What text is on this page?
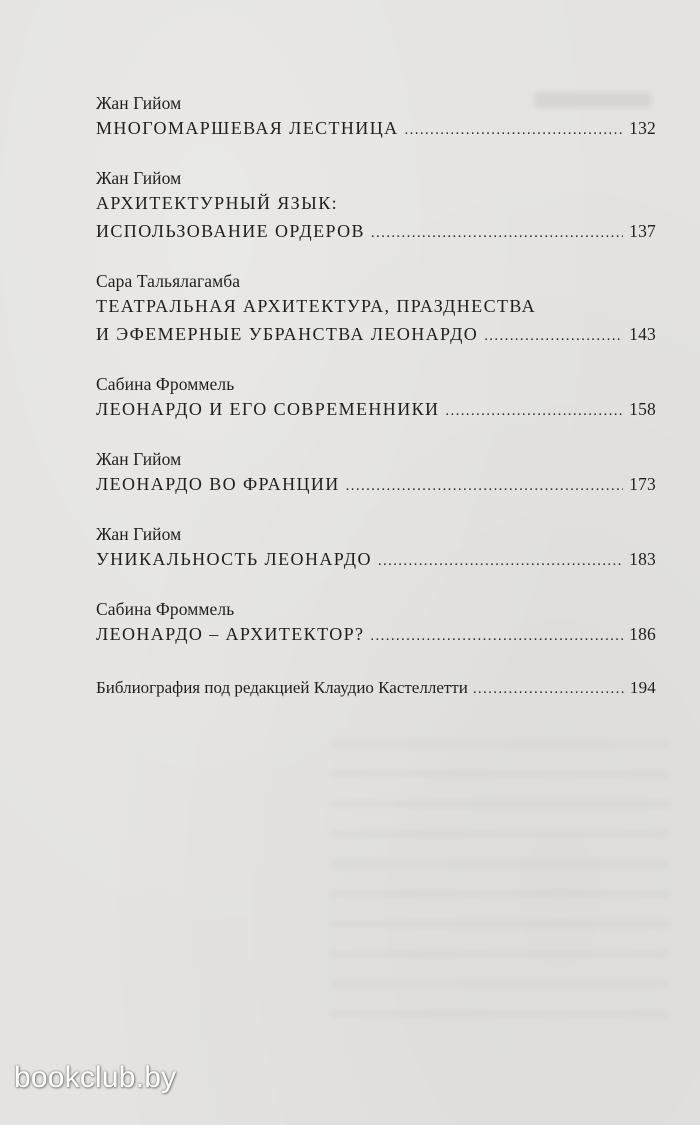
Жан Гийом
МНОГОМАРШЕВАЯ ЛЕСТНИЦА . . .	132
Жан Гийом
АРХИТЕКТУРНЫЙ ЯЗЫК:
ИСПОЛЬЗОВАНИЕ ОРДЕРОВ . . .	137
Сара Тальялагамба
ТЕАТРАЛЬНАЯ АРХИТЕКТУРА, ПРАЗДНЕСТВА
И ЭФЕМЕРНЫЕ УБРАНСТВА ЛЕОНАРДО . . .	143
Сабина Фроммель
ЛЕОНАРДО И ЕГО СОВРЕМЕННИКИ . . .	158
Жан Гийом
ЛЕОНАРДО ВО ФРАНЦИИ . . .	173
Жан Гийом
УНИКАЛЬНОСТЬ ЛЕОНАРДО . . .	183
Сабина Фроммель
ЛЕОНАРДО – АРХИТЕКТОР? . . .	186
Библиография под редакцией Клаудио Кастеллетти . . .	194
bookclub.by
